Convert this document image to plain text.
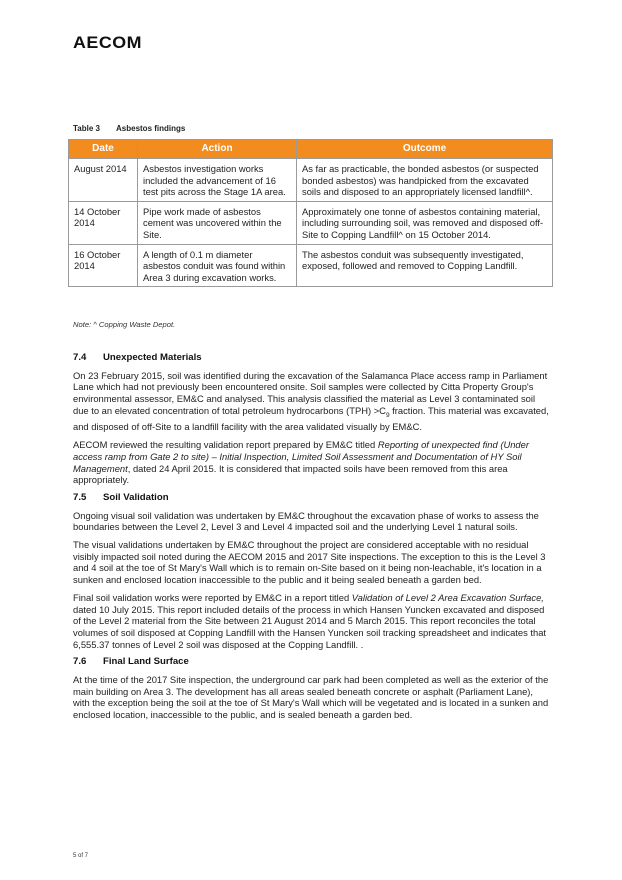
AECOM
Table 3 Asbestos findings
Date	Action	Outcome
August 2014	Asbestos investigation works included the advancement of 16 test pits across the Stage 1A area.	As far as practicable, the bonded asbestos (or suspected bonded asbestos) was handpicked from the excavated soils and disposed to an appropriately licensed landfill^.
14 October 2014	Pipe work made of asbestos cement was uncovered within the Site.	Approximately one tonne of asbestos containing material, including surrounding soil, was removed and disposed off-Site to Copping Landfill^ on 15 October 2014.
16 October 2014	A length of 0.1 m diameter asbestos conduit was found within Area 3 during excavation works.	The asbestos conduit was subsequently investigated, exposed, followed and removed to Copping Landfill.
Note: ^ Copping Waste Depot.
7.4 Unexpected Materials

On 23 February 2015, soil was identified during the excavation of the Salamanca Place access ramp in Parliament Lane which had not previously been encountered onsite. Soil samples were collected by Citta Property Group's environmental assessor, EM&C and analysed. This analysis classified the material as Level 3 contaminated soil due to an elevated concentration of total petroleum hydrocarbons $(TPH) >C_9$ fraction. This material was excavated, and disposed of off-Site to a landfill facility with the area validated visually by EM&C.

AECOM reviewed the resulting validation report prepared by EM&C titled Reporting of unexpected find (Under access ramp from Gate 2 to site) – Initial Inspection, Limited Soil Assessment and Documentation of HY Soil Management, dated 24 April 2015. It is considered that impacted soils have been removed from this area appropriately.

7.5 Soil Validation

Ongoing visual soil validation was undertaken by EM&C throughout the excavation phase of works to assess the boundaries between the Level 2, Level 3 and Level 4 impacted soil and the underlying Level 1 natural soils.

The visual validations undertaken by EM&C throughout the project are considered acceptable with no residual visibly impacted soil noted during the AECOM 2015 and 2017 Site inspections. The exception to this is the Level 3 and 4 soil at the toe of St Mary's Wall which is to remain on-Site based on it being non-leachable, it's location in a sunken and enclosed location inaccessible to the public and it being sealed beneath a garden bed.

Final soil validation works were reported by EM&C in a report titled Validation of Level 2 Area Excavation Surface, dated 10 July 2015. This report included details of the process in which Hansen Yuncken excavated and disposed of the Level 2 material from the Site between 21 August 2014 and 5 March 2015. This report reconciles the total volumes of soil disposed at Copping Landfill with the Hansen Yuncken soil tracking spreadsheet and indicates that 6,555.37 tonnes of Level 2 soil was disposed at the Copping Landfill. .

7.6 Final Land Surface

At the time of the 2017 Site inspection, the underground car park had been completed as well as the exterior of the main building on Area 3. The development has all areas sealed beneath concrete or asphalt (Parliament Lane), with the exception being the soil at the toe of St Mary's Wall which will be vegetated and is located in a sunken and enclosed location, inaccessible to the public, and is sealed beneath a garden bed.

5 of 7
